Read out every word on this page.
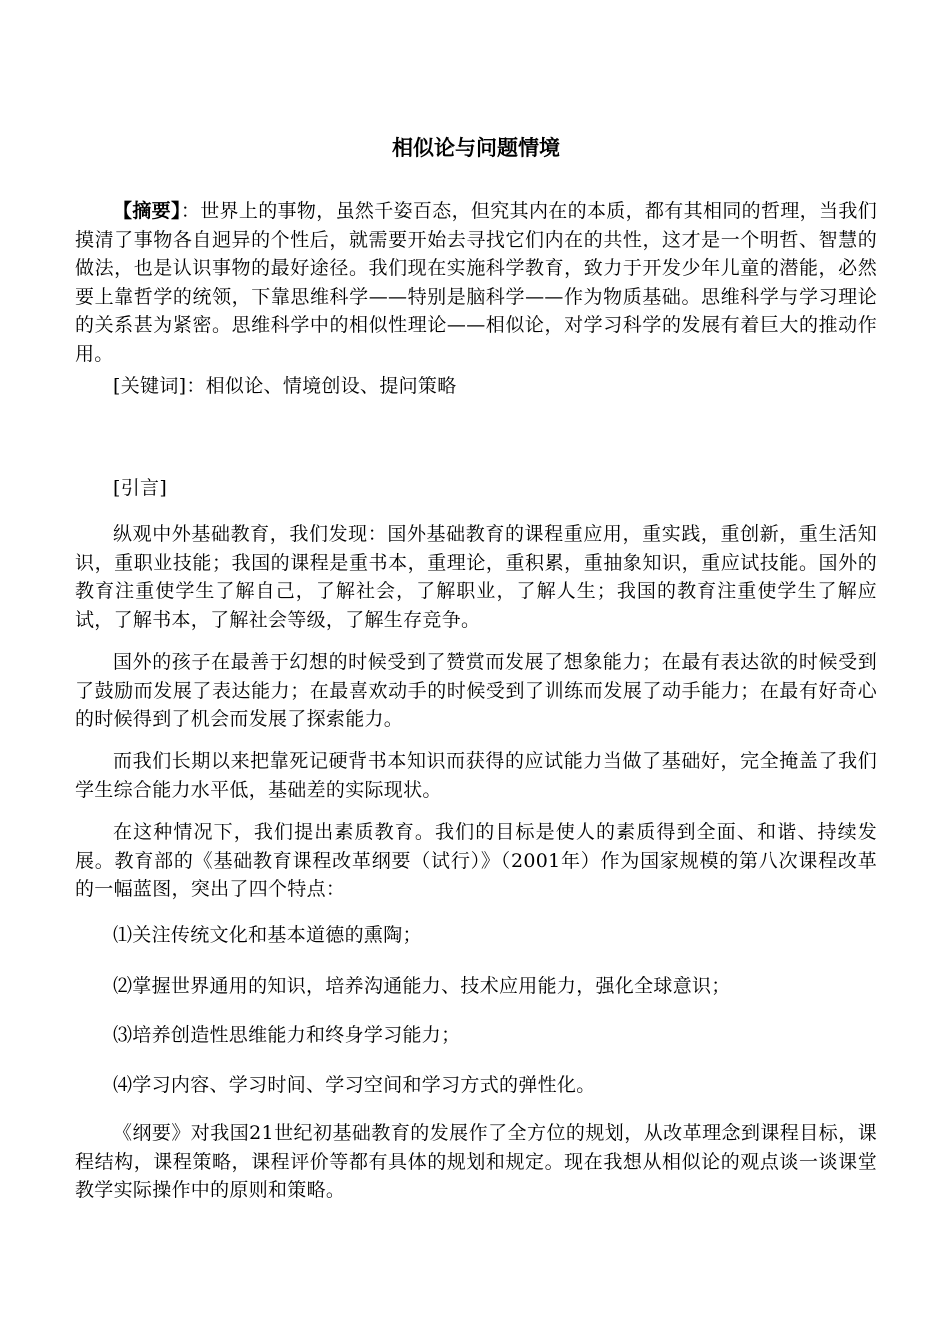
相似论与问题情境

【摘要】：世界上的事物，虽然千姿百态，但究其内在的本质，都有其相同的哲理，当我们摸清了事物各自迥异的个性后，就需要开始去寻找它们内在的共性，这才是一个明哲、智慧的做法，也是认识事物的最好途径。我们现在实施科学教育，致力于开发少年儿童的潜能，必然要上靠哲学的统领，下靠思维科学——特别是脑科学——作为物质基础。思维科学与学习理论的关系甚为紧密。思维科学中的相似性理论——相似论，对学习科学的发展有着巨大的推动作用。

[关键词]：相似论、情境创设、提问策略

[引言]

纵观中外基础教育，我们发现：国外基础教育的课程重应用，重实践，重创新，重生活知识，重职业技能；我国的课程是重书本，重理论，重积累，重抽象知识，重应试技能。国外的教育注重使学生了解自己，了解社会，了解职业，了解人生；我国的教育注重使学生了解应试，了解书本，了解社会等级，了解生存竞争。

国外的孩子在最善于幻想的时候受到了赞赏而发展了想象能力；在最有表达欲的时候受到了鼓励而发展了表达能力；在最喜欢动手的时候受到了训练而发展了动手能力；在最有好奇心的时候得到了机会而发展了探索能力。

而我们长期以来把靠死记硬背书本知识而获得的应试能力当做了基础好，完全掩盖了我们学生综合能力水平低，基础差的实际现状。

在这种情况下，我们提出素质教育。我们的目标是使人的素质得到全面、和谐、持续发展。教育部的《基础教育课程改革纲要（试行）》（2001年）作为国家规模的第八次课程改革的一幅蓝图，突出了四个特点：

⑴关注传统文化和基本道德的熏陶；

⑵掌握世界通用的知识，培养沟通能力、技术应用能力，强化全球意识；

⑶培养创造性思维能力和终身学习能力；

⑷学习内容、学习时间、学习空间和学习方式的弹性化。

《纲要》对我国21世纪初基础教育的发展作了全方位的规划，从改革理念到课程目标，课程结构，课程策略，课程评价等都有具体的规划和规定。现在我想从相似论的观点谈一谈课堂教学实际操作中的原则和策略。
